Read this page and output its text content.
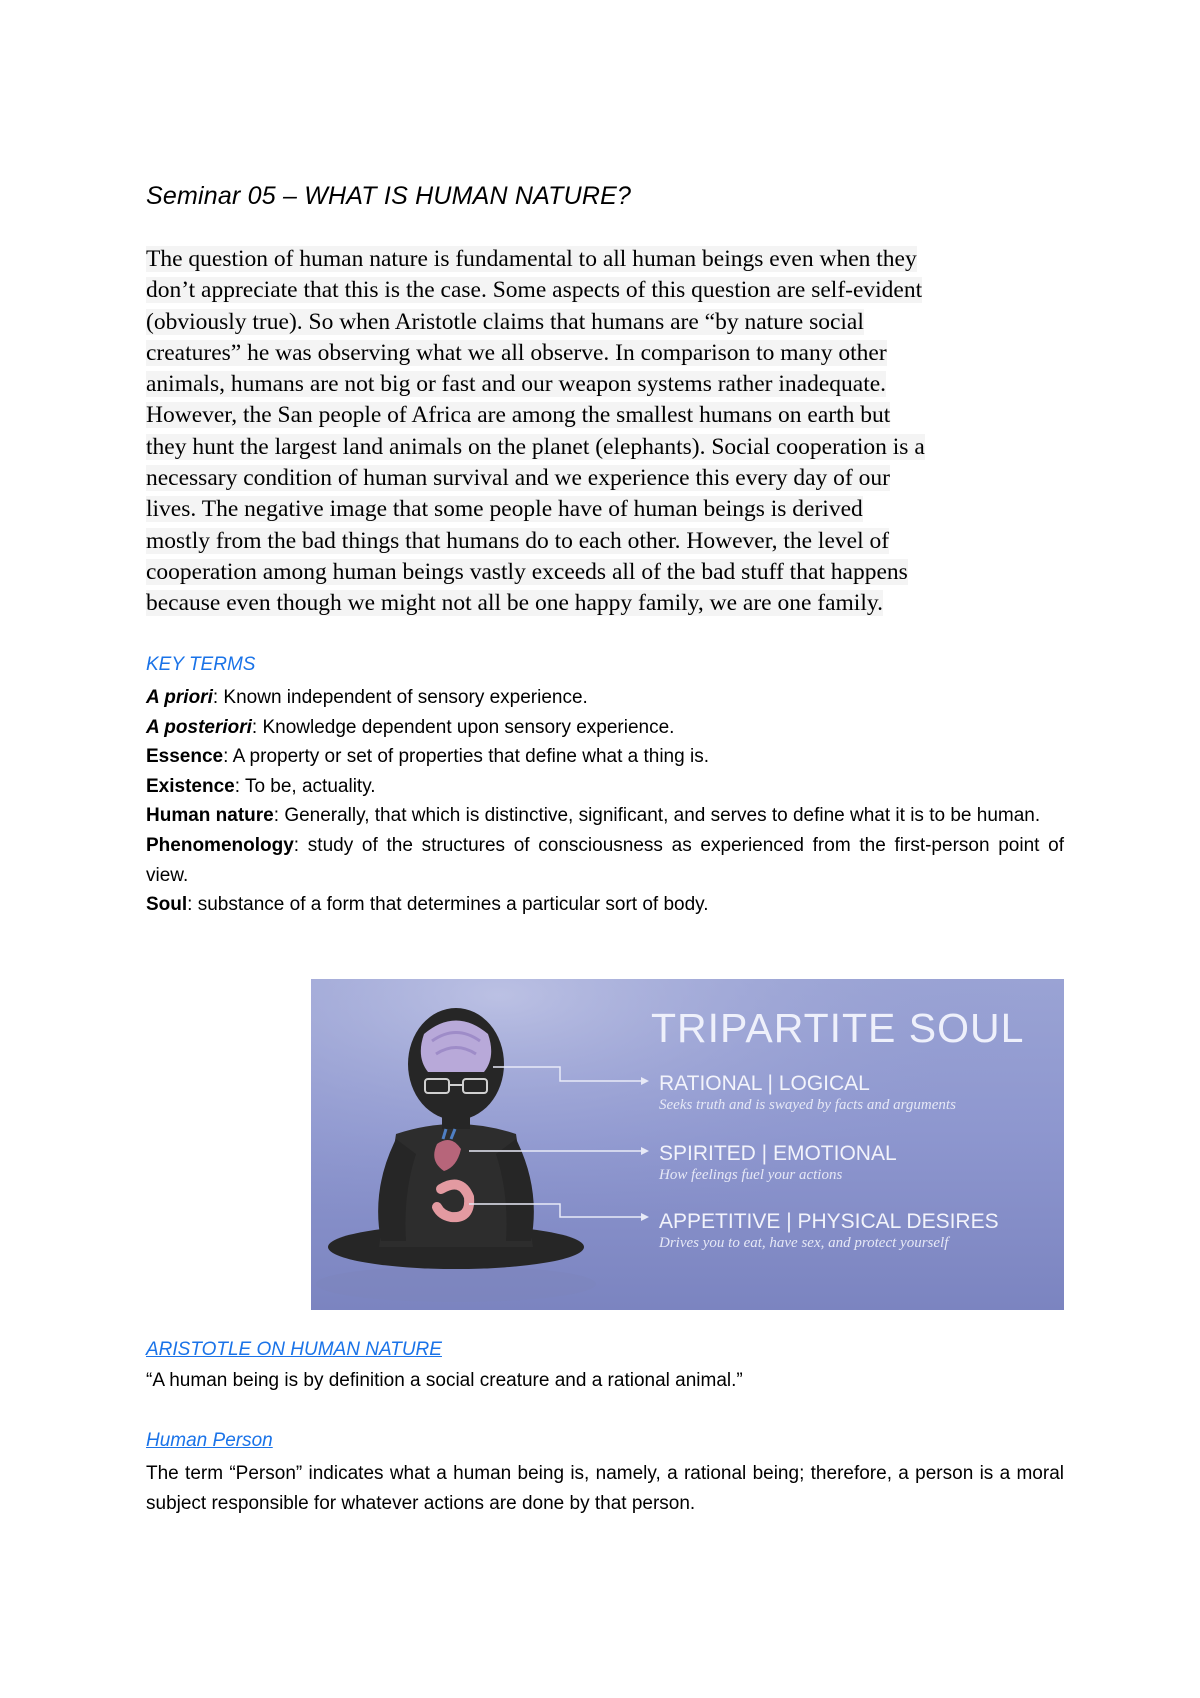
Seminar 05 – WHAT IS HUMAN NATURE?

The question of human nature is fundamental to all human beings even when they
don’t appreciate that this is the case. Some aspects of this question are self-evident
(obviously true). So when Aristotle claims that humans are “by nature social
creatures” he was observing what we all observe. In comparison to many other
animals, humans are not big or fast and our weapon systems rather inadequate.
However, the San people of Africa are among the smallest humans on earth but
they hunt the largest land animals on the planet (elephants). Social cooperation is a
necessary condition of human survival and we experience this every day of our
lives. The negative image that some people have of human beings is derived
mostly from the bad things that humans do to each other. However, the level of
cooperation among human beings vastly exceeds all of the bad stuff that happens
because even though we might not all be one happy family, we are one family.

KEY TERMS

A priori: Known independent of sensory experience.

A posteriori: Knowledge dependent upon sensory experience.

Essence: A property or set of properties that define what a thing is.

Existence: To be, actuality.

Human nature: Generally, that which is distinctive, significant, and serves to define what it is to be human.

Phenomenology: study of the structures of consciousness as experienced from the first-person point of view.

Soul: substance of a form that determines a particular sort of body.

TRIPARTITE SOUL
RATIONAL | LOGICAL
Seeks truth and is swayed by facts and arguments
SPIRITED | EMOTIONAL
How feelings fuel your actions
APPETITIVE | PHYSICAL DESIRES
Drives you to eat, have sex, and protect yourself
ARISTOTLE ON HUMAN NATURE

“A human being is by definition a social creature and a rational animal.”

Human Person

The term “Person” indicates what a human being is, namely, a rational being; therefore, a person is a moral subject responsible for whatever actions are done by that person.
